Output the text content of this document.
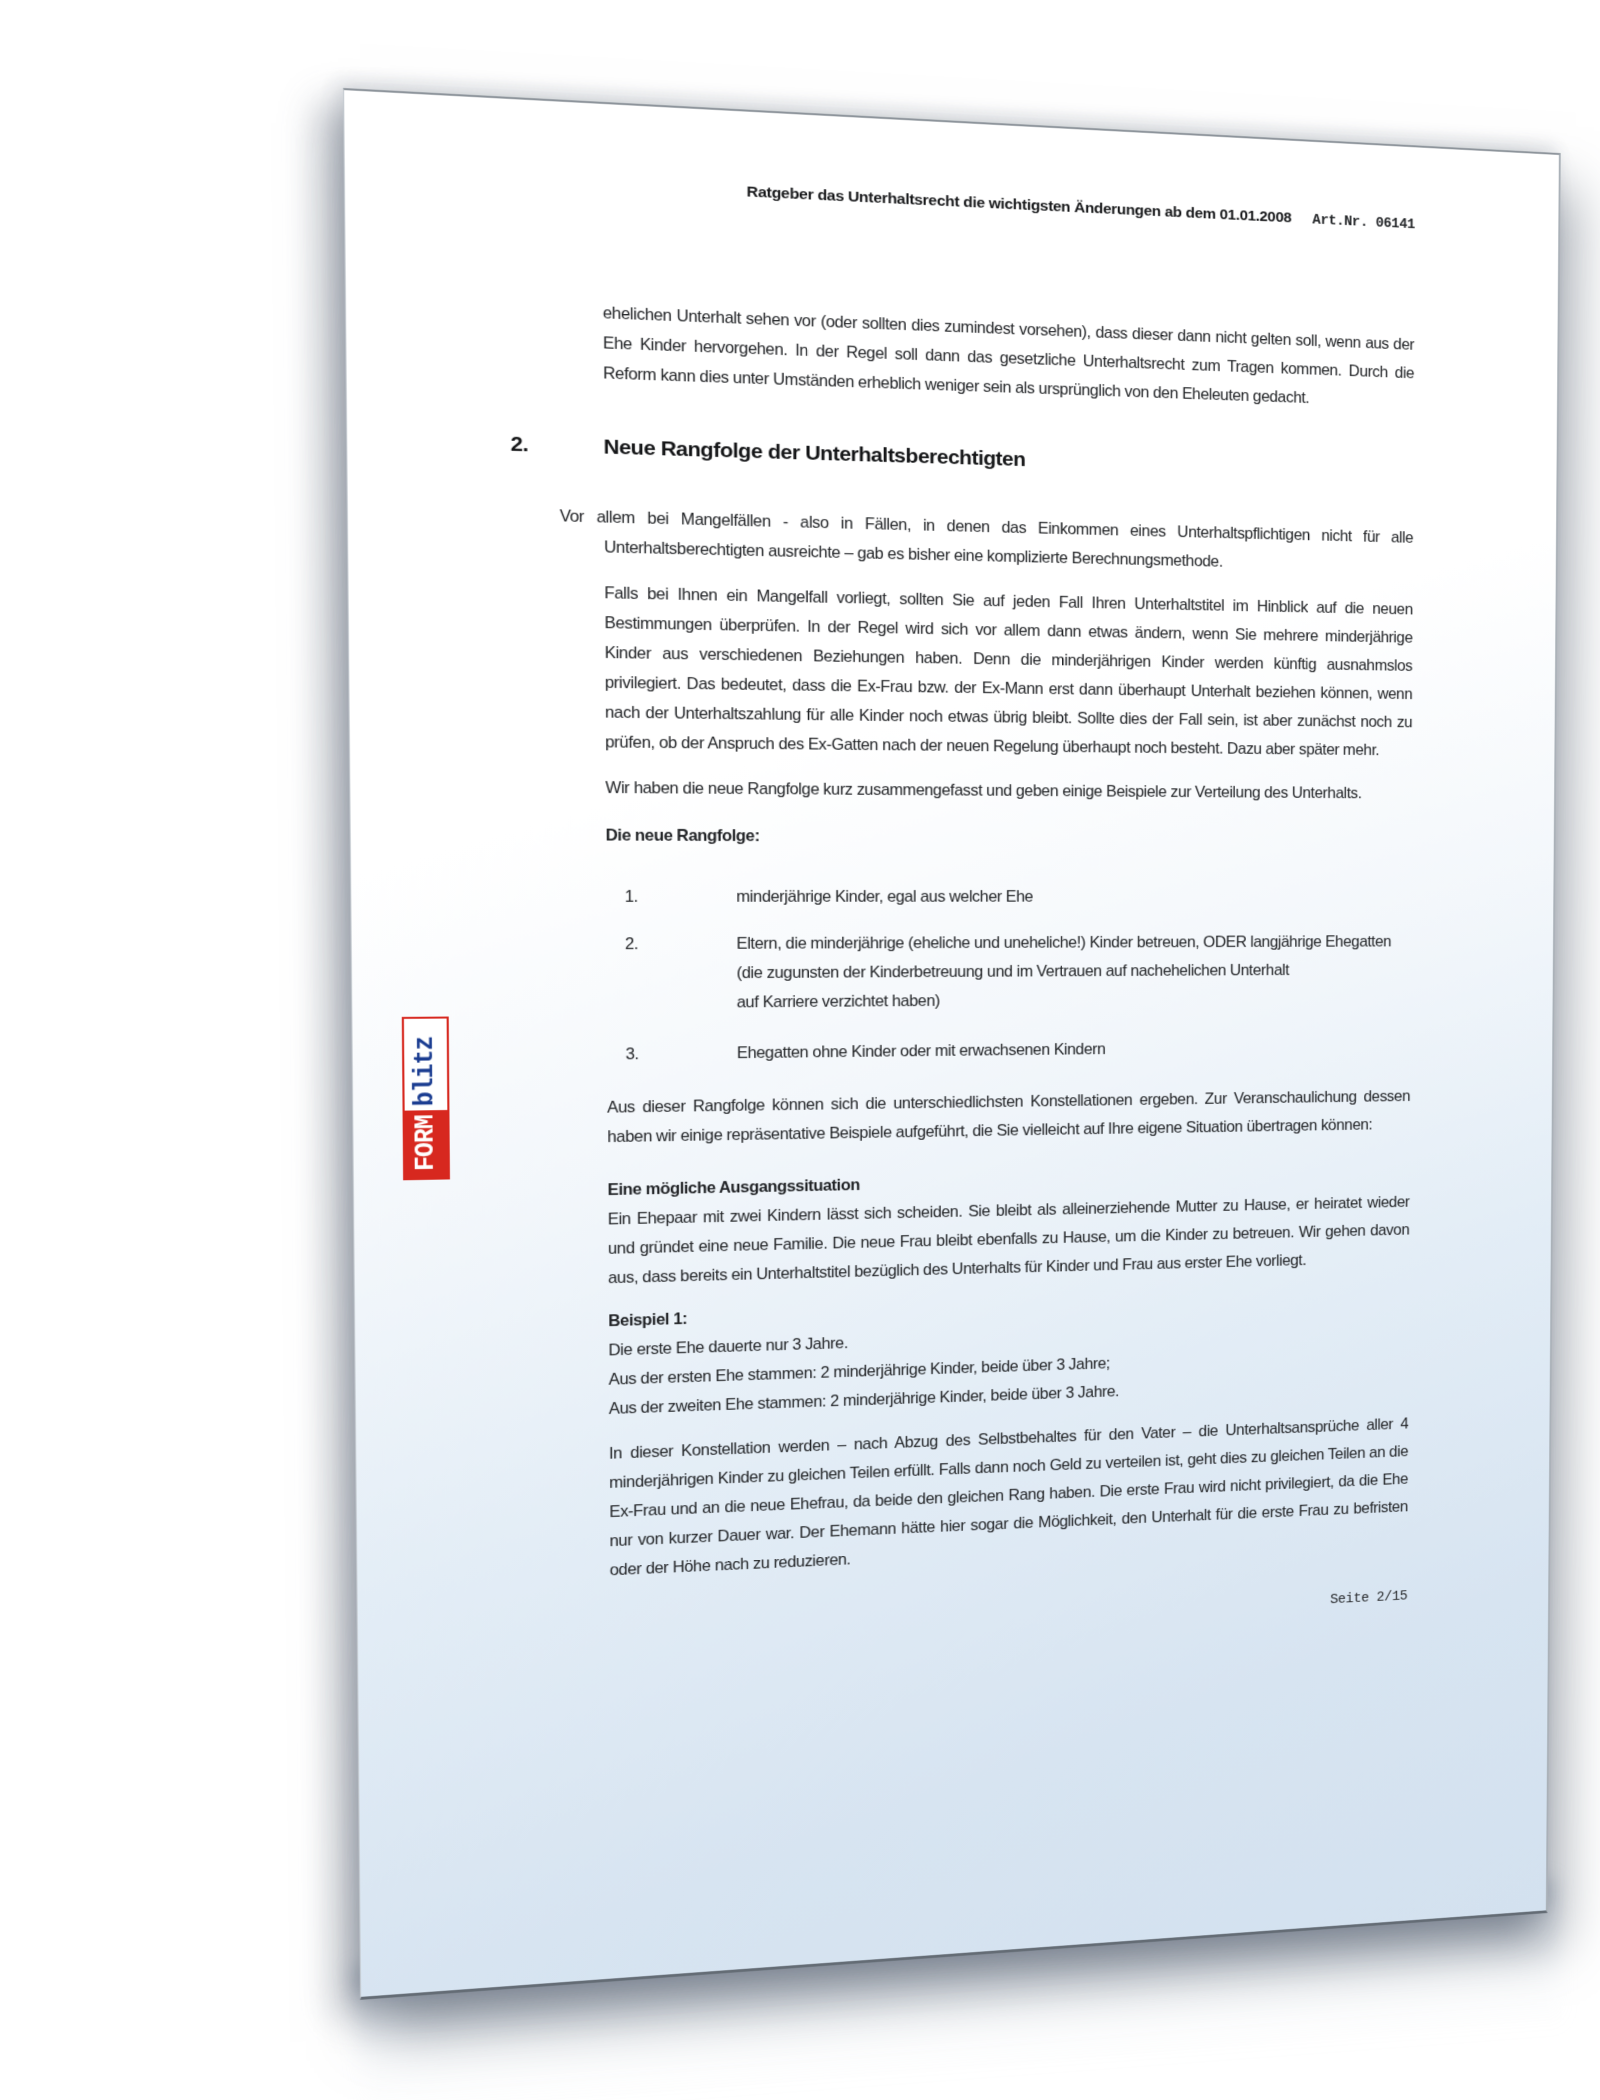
FORM
blitz
Ratgeber das Unterhaltsrecht die wichtigsten Änderungen ab dem 01.01.2008 Art.Nr. 06141

ehelichen Unterhalt sehen vor (oder sollten dies zumindest vorsehen), dass dieser dann nicht gelten soll, wenn aus der Ehe Kinder hervorgehen. In der Regel soll dann das gesetzliche Unterhaltsrecht zum Tragen kommen. Durch die Reform kann dies unter Umständen erheblich weniger sein als ursprünglich von den Eheleuten gedacht.

2.	Neue Rangfolge der Unterhaltsberechtigten

Vor allem bei Mangelfällen - also in Fällen, in denen das Einkommen eines Unterhaltspflichtigen nicht für alle Unterhaltsberechtigten ausreichte – gab es bisher eine komplizierte Berechnungsmethode.

Falls bei Ihnen ein Mangelfall vorliegt, sollten Sie auf jeden Fall Ihren Unterhaltstitel im Hinblick auf die neuen Bestimmungen überprüfen. In der Regel wird sich vor allem dann etwas ändern, wenn Sie mehrere minderjährige Kinder aus verschiedenen Beziehungen haben. Denn die minderjährigen Kinder werden künftig ausnahmslos privilegiert. Das bedeutet, dass die Ex-Frau bzw. der Ex-Mann erst dann überhaupt Unterhalt beziehen können, wenn nach der Unterhaltszahlung für alle Kinder noch etwas übrig bleibt. Sollte dies der Fall sein, ist aber zunächst noch zu prüfen, ob der Anspruch des Ex-Gatten nach der neuen Regelung überhaupt noch besteht. Dazu aber später mehr.

Wir haben die neue Rangfolge kurz zusammengefasst und geben einige Beispiele zur Verteilung des Unterhalts.

Die neue Rangfolge:

1.	minderjährige Kinder, egal aus welcher Ehe
2.	Eltern, die minderjährige (eheliche und uneheliche!) Kinder betreuen, ODER langjährige Ehegatten
(die zugunsten der Kinderbetreuung und im Vertrauen auf nachehelichen Unterhalt
auf Karriere verzichtet haben)
3.	Ehegatten ohne Kinder oder mit erwachsenen Kindern

Aus dieser Rangfolge können sich die unterschiedlichsten Konstellationen ergeben. Zur Veranschaulichung dessen haben wir einige repräsentative Beispiele aufgeführt, die Sie vielleicht auf Ihre eigene Situation übertragen können:

Eine mögliche Ausgangssituation
Ein Ehepaar mit zwei Kindern lässt sich scheiden. Sie bleibt als alleinerziehende Mutter zu Hause, er heiratet wieder und gründet eine neue Familie. Die neue Frau bleibt ebenfalls zu Hause, um die Kinder zu betreuen. Wir gehen davon aus, dass bereits ein Unterhaltstitel bezüglich des Unterhalts für Kinder und Frau aus erster Ehe vorliegt.
Beispiel 1:
Die erste Ehe dauerte nur 3 Jahre.
Aus der ersten Ehe stammen: 2 minderjährige Kinder, beide über 3 Jahre;
Aus der zweiten Ehe stammen: 2 minderjährige Kinder, beide über 3 Jahre.

In dieser Konstellation werden – nach Abzug des Selbstbehaltes für den Vater – die Unterhaltsansprüche aller 4 minderjährigen Kinder zu gleichen Teilen erfüllt. Falls dann noch Geld zu verteilen ist, geht dies zu gleichen Teilen an die Ex-Frau und an die neue Ehefrau, da beide den gleichen Rang haben. Die erste Frau wird nicht privilegiert, da die Ehe nur von kurzer Dauer war. Der Ehemann hätte hier sogar die Möglichkeit, den Unterhalt für die erste Frau zu befristen oder der Höhe nach zu reduzieren.

Seite 2/15
